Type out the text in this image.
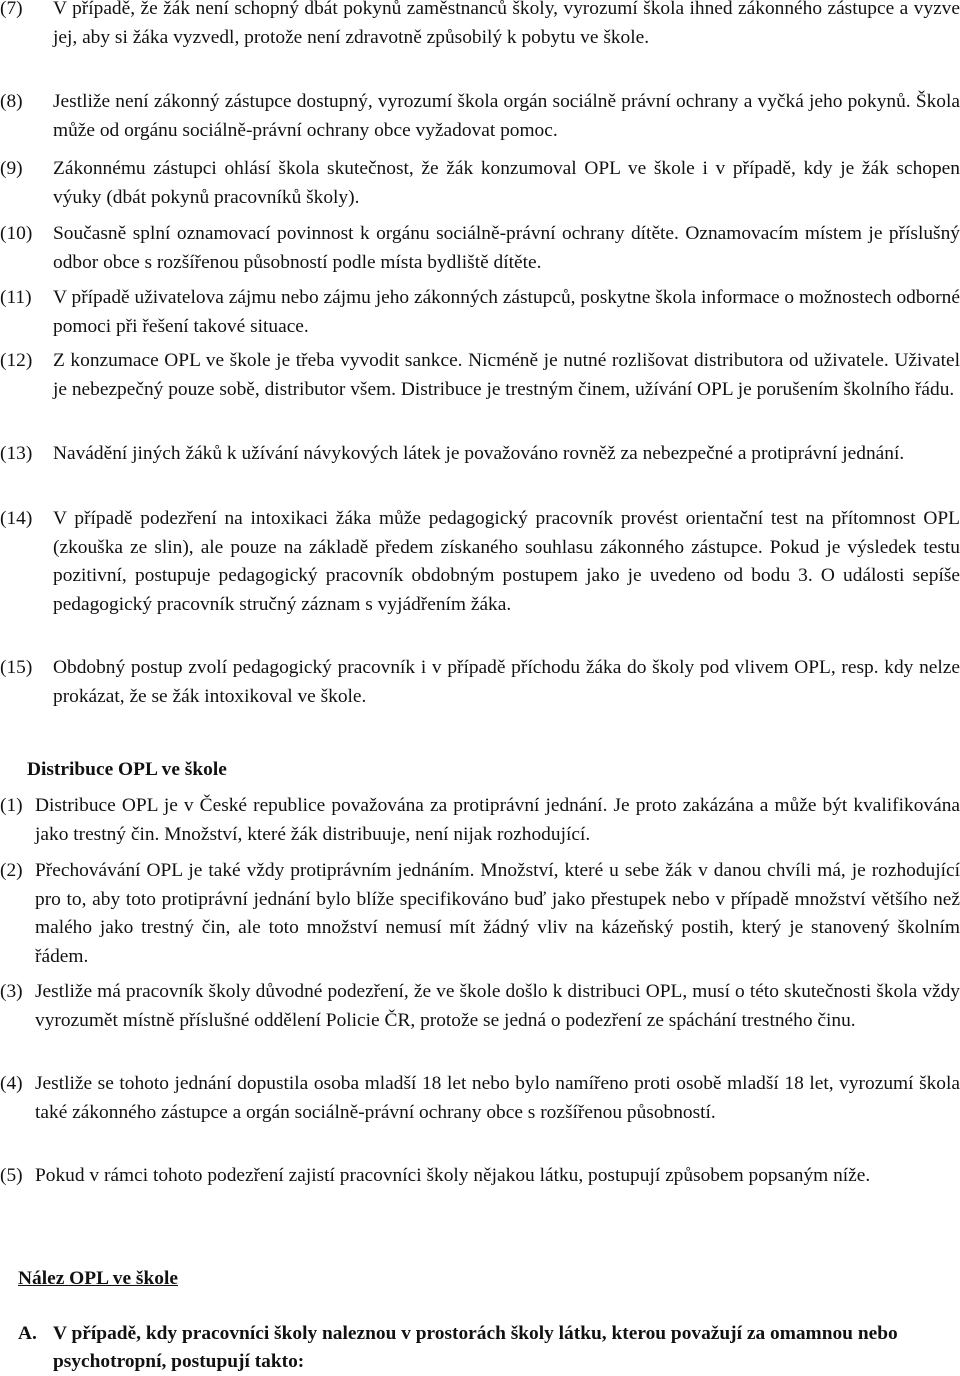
(7)	V případě, že žák není schopný dbát pokynů zaměstnanců školy, vyrozumí škola ihned zákonného zástupce a vyzve jej, aby si žáka vyzvedl, protože není zdravotně způsobilý k pobytu ve škole.
(8)	Jestliže není zákonný zástupce dostupný, vyrozumí škola orgán sociálně právní ochrany a vyčká jeho pokynů. Škola může od orgánu sociálně-právní ochrany obce vyžadovat pomoc.
(9)	Zákonnému zástupci ohlásí škola skutečnost, že žák konzumoval OPL ve škole i v případě, kdy je žák schopen výuky (dbát pokynů pracovníků školy).
(10)	Současně splní oznamovací povinnost k orgánu sociálně-právní ochrany dítěte. Oznamovacím místem je příslušný odbor obce s rozšířenou působností podle místa bydliště dítěte.
(11)	V případě uživatelova zájmu nebo zájmu jeho zákonných zástupců, poskytne škola informace o možnostech odborné pomoci při řešení takové situace.
(12)	Z konzumace OPL ve škole je třeba vyvodit sankce. Nicméně je nutné rozlišovat distributora od uživatele. Uživatel je nebezpečný pouze sobě, distributor všem. Distribuce je trestným činem, užívání OPL je porušením školního řádu.
(13)	Navádění jiných žáků k užívání návykových látek je považováno rovněž za nebezpečné a protiprávní jednání.
(14)	V případě podezření na intoxikaci žáka může pedagogický pracovník provést orientační test na přítomnost OPL (zkouška ze slin), ale pouze na základě předem získaného souhlasu zákonného zástupce. Pokud je výsledek testu pozitivní, postupuje pedagogický pracovník obdobným postupem jako je uvedeno od bodu 3. O události sepíše pedagogický pracovník stručný záznam s vyjádřením žáka.
(15)	Obdobný postup zvolí pedagogický pracovník i v případě příchodu žáka do školy pod vlivem OPL, resp. kdy nelze prokázat, že se žák intoxikoval ve škole.
Distribuce OPL ve škole
(1) Distribuce OPL je v České republice považována za protiprávní jednání. Je proto zakázána a může být kvalifikována jako trestný čin. Množství, které žák distribuuje, není nijak rozhodující.
(2) Přechovávání OPL je také vždy protiprávním jednáním. Množství, které u sebe žák v danou chvíli má, je rozhodující pro to, aby toto protiprávní jednání bylo blíže specifikováno buď jako přestupek nebo v případě množství většího než malého jako trestný čin, ale toto množství nemusí mít žádný vliv na kázeňský postih, který je stanovený školním řádem.
(3) Jestliže má pracovník školy důvodné podezření, že ve škole došlo k distribuci OPL, musí o této skutečnosti škola vždy vyrozumět místně příslušné oddělení Policie ČR, protože se jedná o podezření ze spáchání trestného činu.
(4) Jestliže se tohoto jednání dopustila osoba mladší 18 let nebo bylo namířeno proti osobě mladší 18 let, vyrozumí škola také zákonného zástupce a orgán sociálně-právní ochrany obce s rozšířenou působností.
(5) Pokud v rámci tohoto podezření zajistí pracovníci školy nějakou látku, postupují způsobem popsaným níže.
Nález OPL ve škole
A. V případě, kdy pracovníci školy naleznou v prostorách školy látku, kterou považují za omamnou nebo psychotropní, postupují takto:
